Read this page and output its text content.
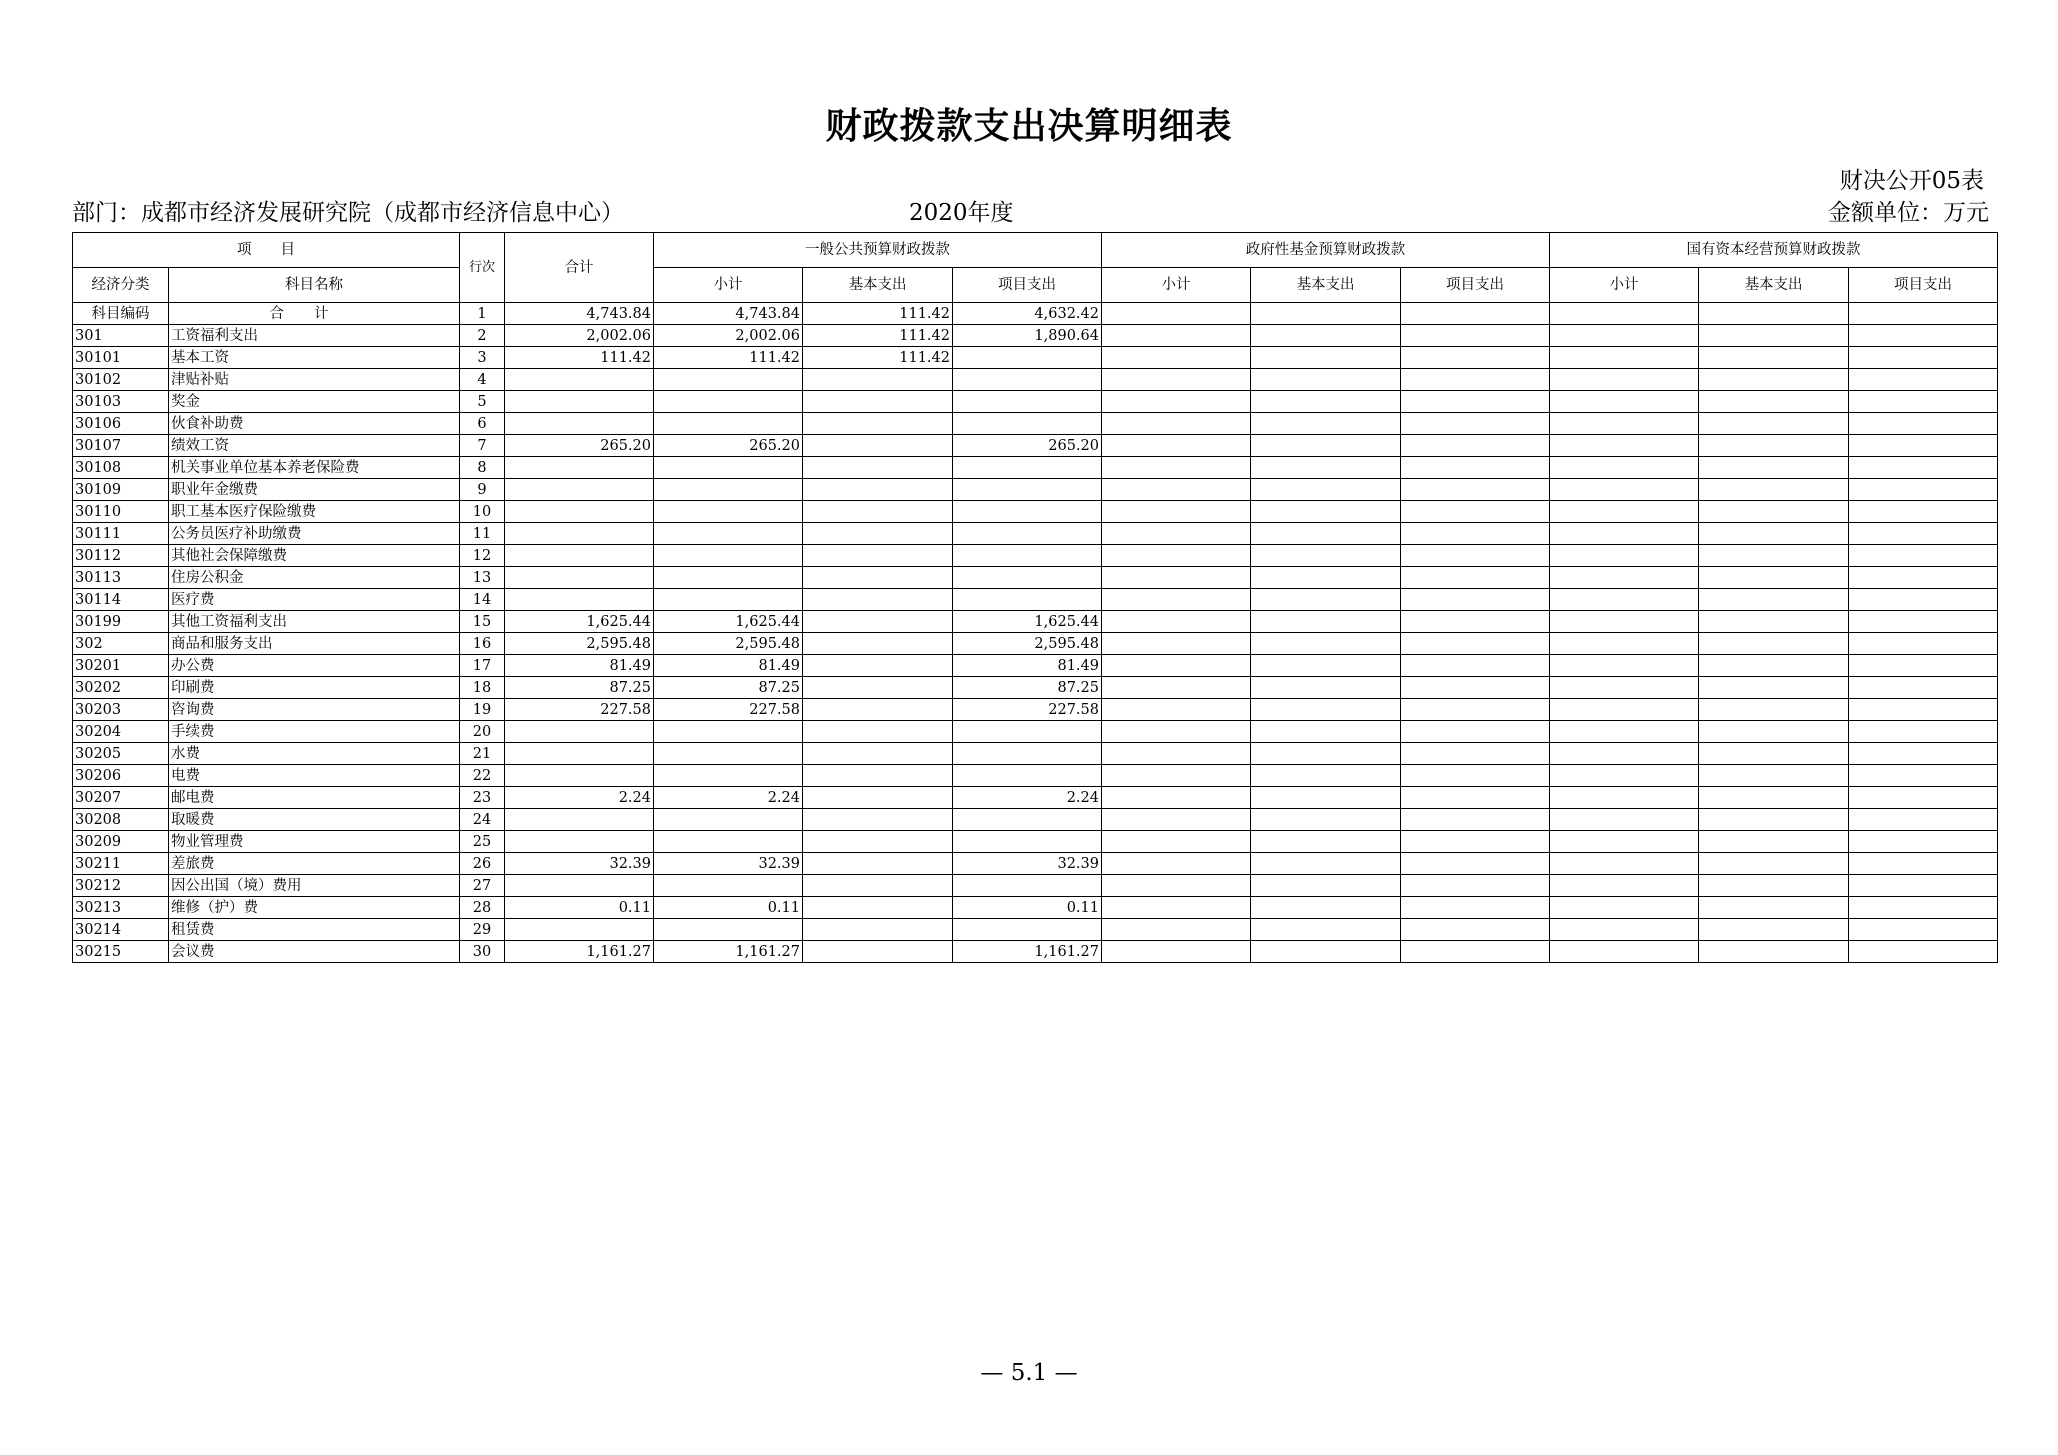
财政拨款支出决算明细表
财决公开05表
部门：成都市经济发展研究院（成都市经济信息中心）	2020年度	金额单位：万元
项　　目		行次	合计	一般公共预算财政拨款			政府性基金预算财政拨款			国有资本经营预算财政拨款		
经济分类	科目名称			小计	基本支出	项目支出	小计	基本支出	项目支出	小计	基本支出	项目支出
科目编码	合计	1	4,743.84	4,743.84	111.42	4,632.42						
301	工资福利支出	2	2,002.06	2,002.06	111.42	1,890.64						
30101	基本工资	3	111.42	111.42	111.42							
30102	津贴补贴	4										
30103	奖金	5										
30106	伙食补助费	6										
30107	绩效工资	7	265.20	265.20		265.20						
30108	机关事业单位基本养老保险费	8										
30109	职业年金缴费	9										
30110	职工基本医疗保险缴费	10										
30111	公务员医疗补助缴费	11										
30112	其他社会保障缴费	12										
30113	住房公积金	13										
30114	医疗费	14										
30199	其他工资福利支出	15	1,625.44	1,625.44		1,625.44						
302	商品和服务支出	16	2,595.48	2,595.48		2,595.48						
30201	办公费	17	81.49	81.49		81.49						
30202	印刷费	18	87.25	87.25		87.25						
30203	咨询费	19	227.58	227.58		227.58						
30204	手续费	20										
30205	水费	21										
30206	电费	22										
30207	邮电费	23	2.24	2.24		2.24						
30208	取暖费	24										
30209	物业管理费	25										
30211	差旅费	26	32.39	32.39		32.39						
30212	因公出国（境）费用	27										
30213	维修（护）费	28	0.11	0.11		0.11						
30214	租赁费	29										
30215	会议费	30	1,161.27	1,161.27		1,161.27						
— 5.1 —
